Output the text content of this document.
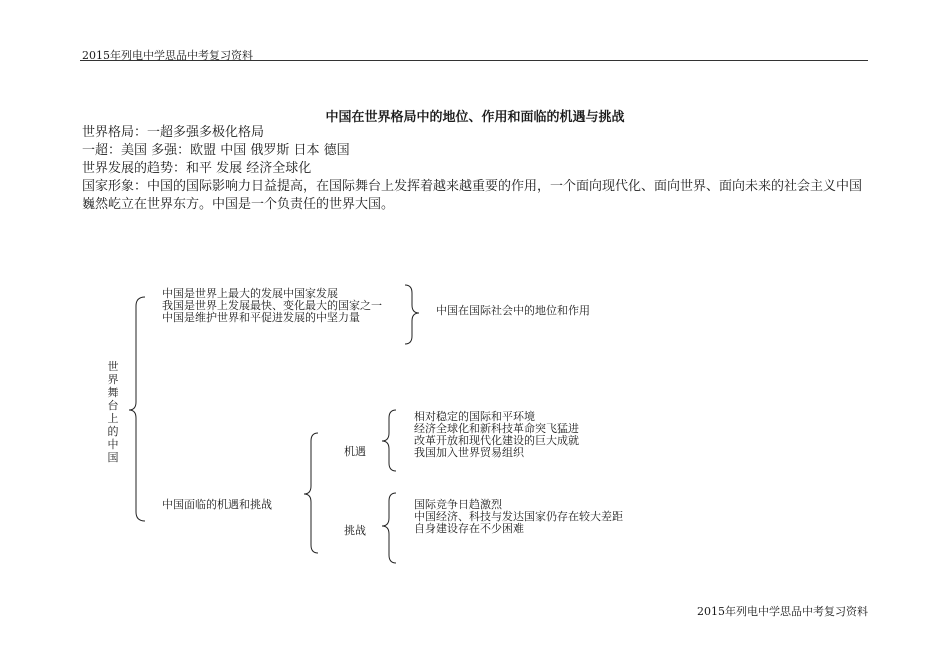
2015年列电中学思品中考复习资料
中国在世界格局中的地位、作用和面临的机遇与挑战
世界格局：一超多强多极化格局
一超：美国 多强：欧盟 中国 俄罗斯 日本 德国
世界发展的趋势：和平 发展 经济全球化
国家形象：中国的国际影响力日益提高，在国际舞台上发挥着越来越重要的作用，一个面向现代化、面向世界、面向未来的社会主义中国巍然屹立在世界东方。中国是一个负责任的世界大国。
世界舞台上的中国
中国是世界上最大的发展中国家发展
我国是世界上发展最快、变化最大的国家之一
中国是维护世界和平促进发展的中坚力量
中国在国际社会中的地位和作用
中国面临的机遇和挑战
机遇
相对稳定的国际和平环境
经济全球化和新科技革命突飞猛进
改革开放和现代化建设的巨大成就
我国加入世界贸易组织
挑战
国际竞争日趋激烈
中国经济、科技与发达国家仍存在较大差距
自身建设存在不少困难
2015年列电中学思品中考复习资料
